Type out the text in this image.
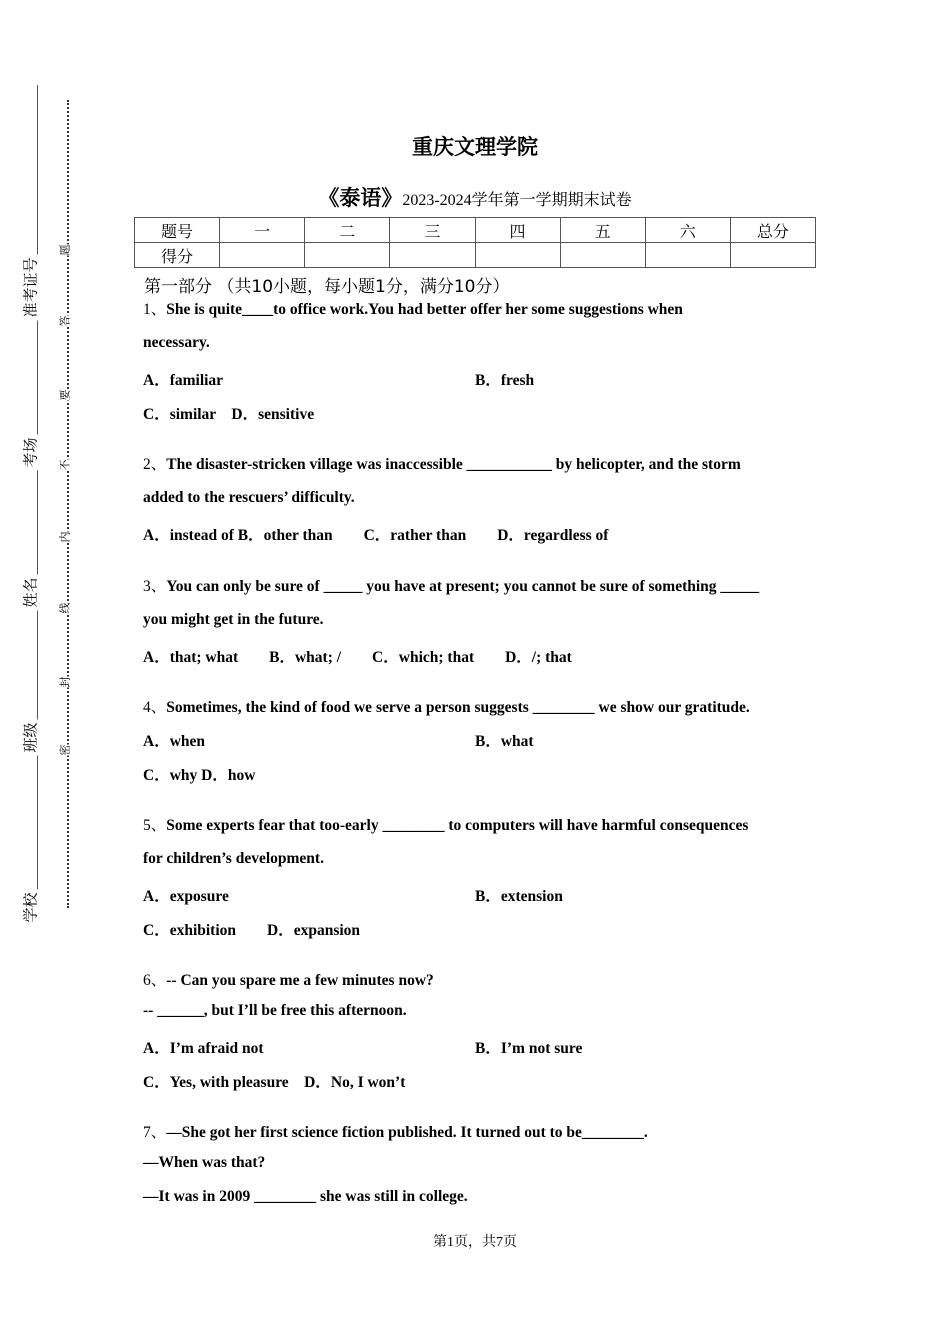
学校
班级
姓名
考场
准考证号
题
答
要
不
内
线
封
密
重庆文理学院
《泰语》2023-2024学年第一学期期末试卷
题号	一	二	三	四	五	六	总分
得分							
第一部分 （共10小题，每小题1分，满分10分）
1、She is quite____to office work.You had better offer her some suggestions when
necessary.
A．familiar	B．fresh
C．similar　D．sensitive
2、The disaster-stricken village was inaccessible ___________ by helicopter, and the storm
added to the rescuers’ difficulty.
A．instead of B．other than　　C．rather than　　D．regardless of
3、You can only be sure of _____ you have at present; you cannot be sure of something _____
you might get in the future.
A．that; what　　B．what; /　　C．which; that　　D．/; that
4、Sometimes, the kind of food we serve a person suggests ________ we show our gratitude.
A．when	B．what
C．why D．how
5、Some experts fear that too-early ________ to computers will have harmful consequences
for children’s development.
A．exposure	B．extension
C．exhibition　　D．expansion
6、-- Can you spare me a few minutes now?
-- ______, but I’ll be free this afternoon.
A．I’m afraid not	B．I’m not sure
C．Yes, with pleasure　D．No, I won’t
7、—She got her first science fiction published. It turned out to be________.
—When was that?
—It was in 2009 ________ she was still in college.
第1页，共7页
